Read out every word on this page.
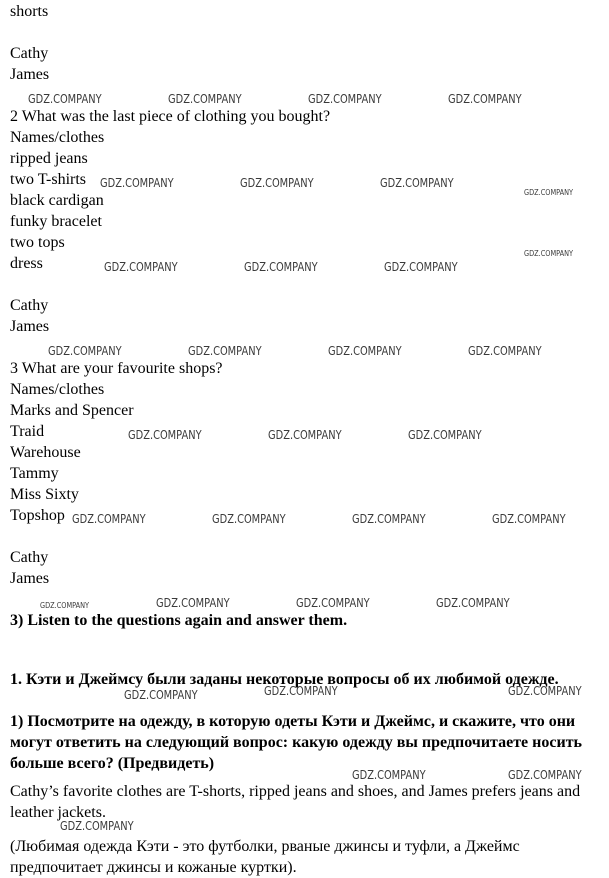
shorts
Cathy
James
2 What was the last piece of clothing you bought?
Names/clothes
ripped jeans
two T-shirts
black cardigan
funky bracelet
two tops
dress
Cathy
James
3 What are your favourite shops?
Names/clothes
Marks and Spencer
Traid
Warehouse
Tammy
Miss Sixty
Topshop
Cathy
James
3) Listen to the questions again and answer them.
1. Кэти и Джеймсу были заданы некоторые вопросы об их любимой одежде.
1) Посмотрите на одежду, в которую одеты Кэти и Джеймс, и скажите, что они могут ответить на следующий вопрос: какую одежду вы предпочитаете носить больше всего? (Предвидеть)
Cathy’s favorite clothes are T-shorts, ripped jeans and shoes, and James prefers jeans and leather jackets.
(Любимая одежда Кэти - это футболки, рваные джинсы и туфли, а Джеймс предпочитает джинсы и кожаные куртки).
GDZ.COMPANY	GDZ.COMPANY	GDZ.COMPANY	GDZ.COMPANY
GDZ.COMPANY	GDZ.COMPANY	GDZ.COMPANY
GDZ.COMPANY
GDZ.COMPANY
GDZ.COMPANY	GDZ.COMPANY	GDZ.COMPANY
GDZ.COMPANY	GDZ.COMPANY	GDZ.COMPANY	GDZ.COMPANY
GDZ.COMPANY	GDZ.COMPANY	GDZ.COMPANY
GDZ.COMPANY	GDZ.COMPANY	GDZ.COMPANY	GDZ.COMPANY
GDZ.COMPANY	GDZ.COMPANY	GDZ.COMPANY	GDZ.COMPANY
GDZ.COMPANY	GDZ.COMPANY	GDZ.COMPANY
GDZ.COMPANY	GDZ.COMPANY
GDZ.COMPANY
